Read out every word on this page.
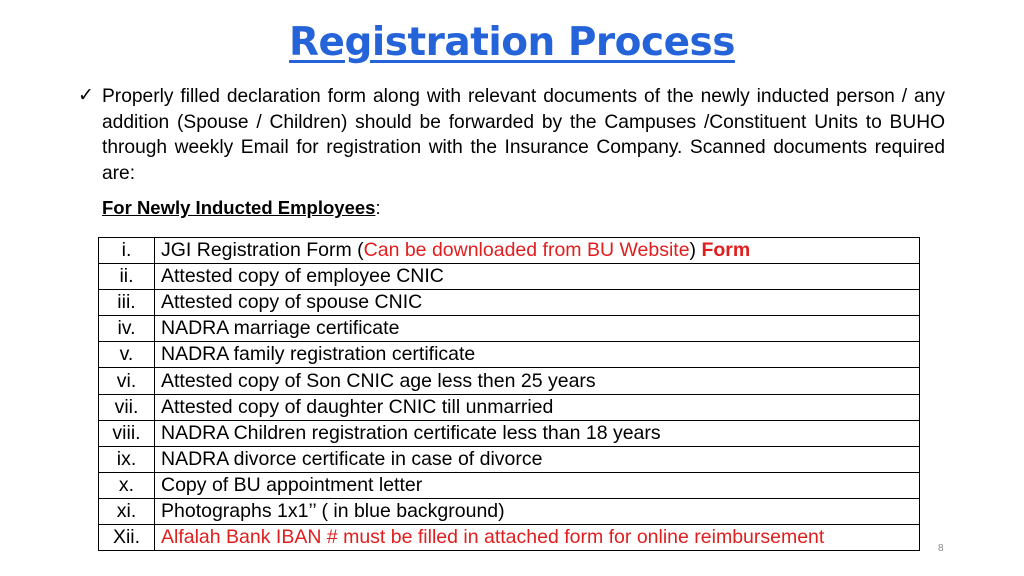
Registration Process
✓ Properly filled declaration form along with relevant documents of the newly inducted person / any addition (Spouse / Children) should be forwarded by the Campuses /Constituent Units to BUHO through weekly Email for registration with the Insurance Company. Scanned documents required are:
For Newly Inducted Employees:
i.	JGI Registration Form (Can be downloaded from BU Website) Form
ii.	Attested copy of employee CNIC
iii.	Attested copy of spouse CNIC
iv.	NADRA marriage certificate
v.	NADRA family registration certificate
vi.	Attested copy of Son CNIC age less then 25 years
vii.	Attested copy of daughter CNIC till unmarried
viii.	NADRA Children registration certificate less than 18 years
ix.	NADRA divorce certificate in case of divorce
x.	Copy of BU appointment letter
xi.	Photographs 1x1’’ ( in blue background)
Xii.	Alfalah Bank IBAN # must be filled in attached form for online reimbursement
8
